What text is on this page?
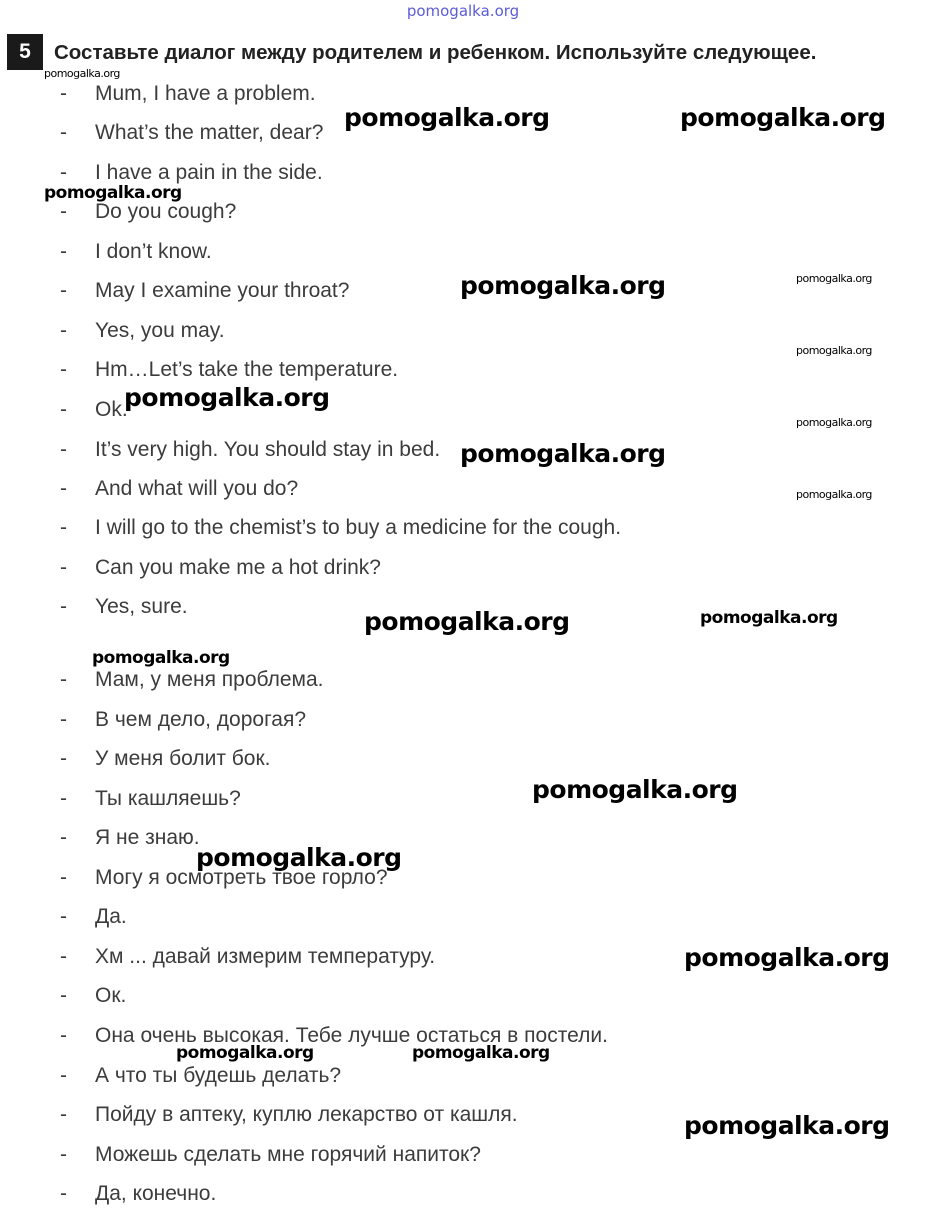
pomogalka.org
5	Составьте диалог между родителем и ребенком. Используйте следующее.
- Mum, I have a problem.
- What’s the matter, dear?
- I have a pain in the side.
- Do you cough?
- I don’t know.
- May I examine your throat?
- Yes, you may.
- Hm…Let’s take the temperature.
- Ok.
- It’s very high. You should stay in bed.
- And what will you do?
- I will go to the chemist’s to buy a medicine for the cough.
- Can you make me a hot drink?
- Yes, sure.
- Мам, у меня проблема.
- В чем дело, дорогая?
- У меня болит бок.
- Ты кашляешь?
- Я не знаю.
- Могу я осмотреть твое горло?
- Да.
- Хм ... давай измерим температуру.
- Ок.
- Она очень высокая. Тебе лучше остаться в постели.
- А что ты будешь делать?
- Пойду в аптеку, куплю лекарство от кашля.
- Можешь сделать мне горячий напиток?
- Да, конечно.
pomogalka.org
pomogalka.org	pomogalka.org
pomogalka.org
pomogalka.org	pomogalka.org
pomogalka.org
pomogalka.org
pomogalka.org
pomogalka.org
pomogalka.org
pomogalka.org	pomogalka.org
pomogalka.org
pomogalka.org
pomogalka.org
pomogalka.org
pomogalka.org	pomogalka.org
pomogalka.org
